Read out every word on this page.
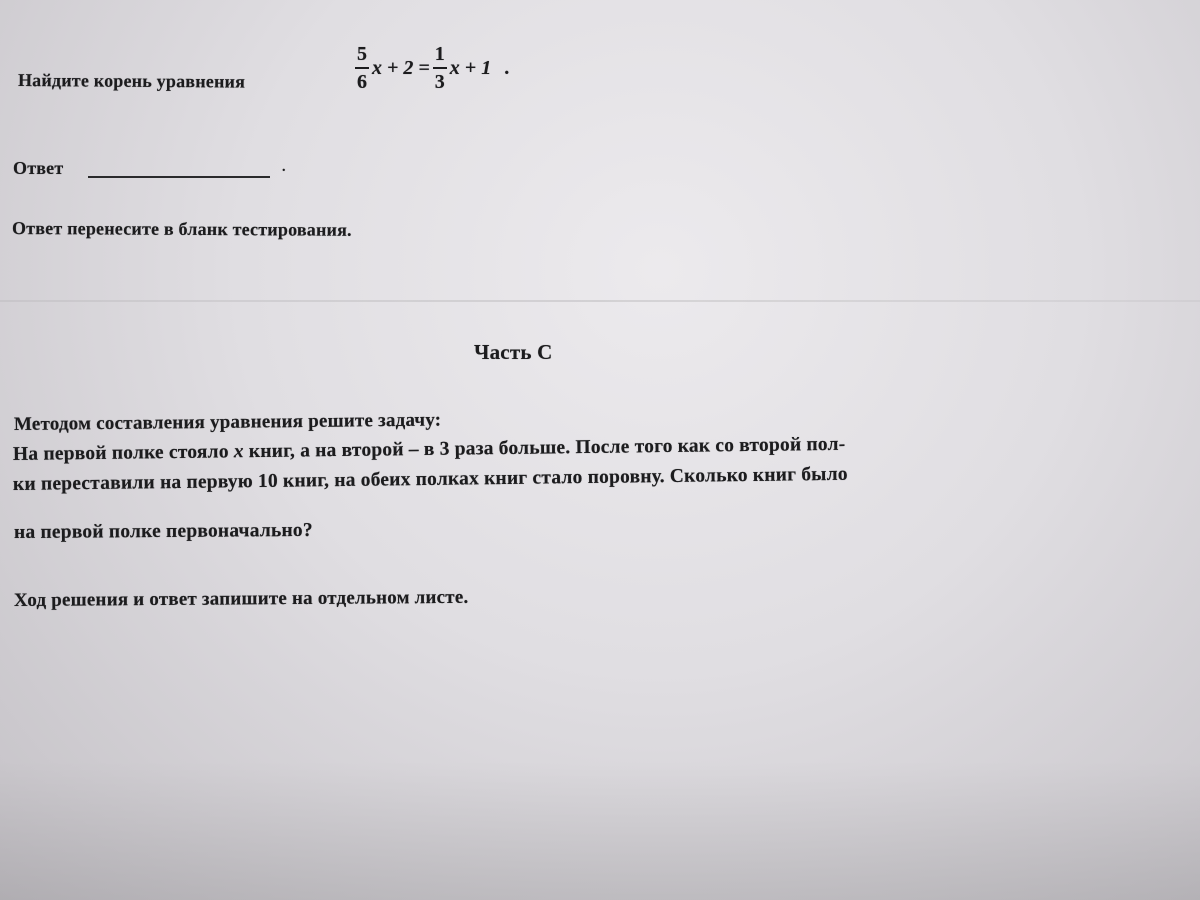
Найдите корень уравнения	$\frac{5}{6}$ $x + 2 = \frac{1}{3}$ x + 1 .
Ответ	.
Ответ перенесите в бланк тестирования.
Часть С
Методом составления уравнения решите задачу:
На первой полке стояло x книг, а на второй – в 3 раза больше. После того как со второй пол-
ки переставили на первую 10 книг, на обеих полках книг стало поровну. Сколько книг было
на первой полке первоначально?
Ход решения и ответ запишите на отдельном листе.
